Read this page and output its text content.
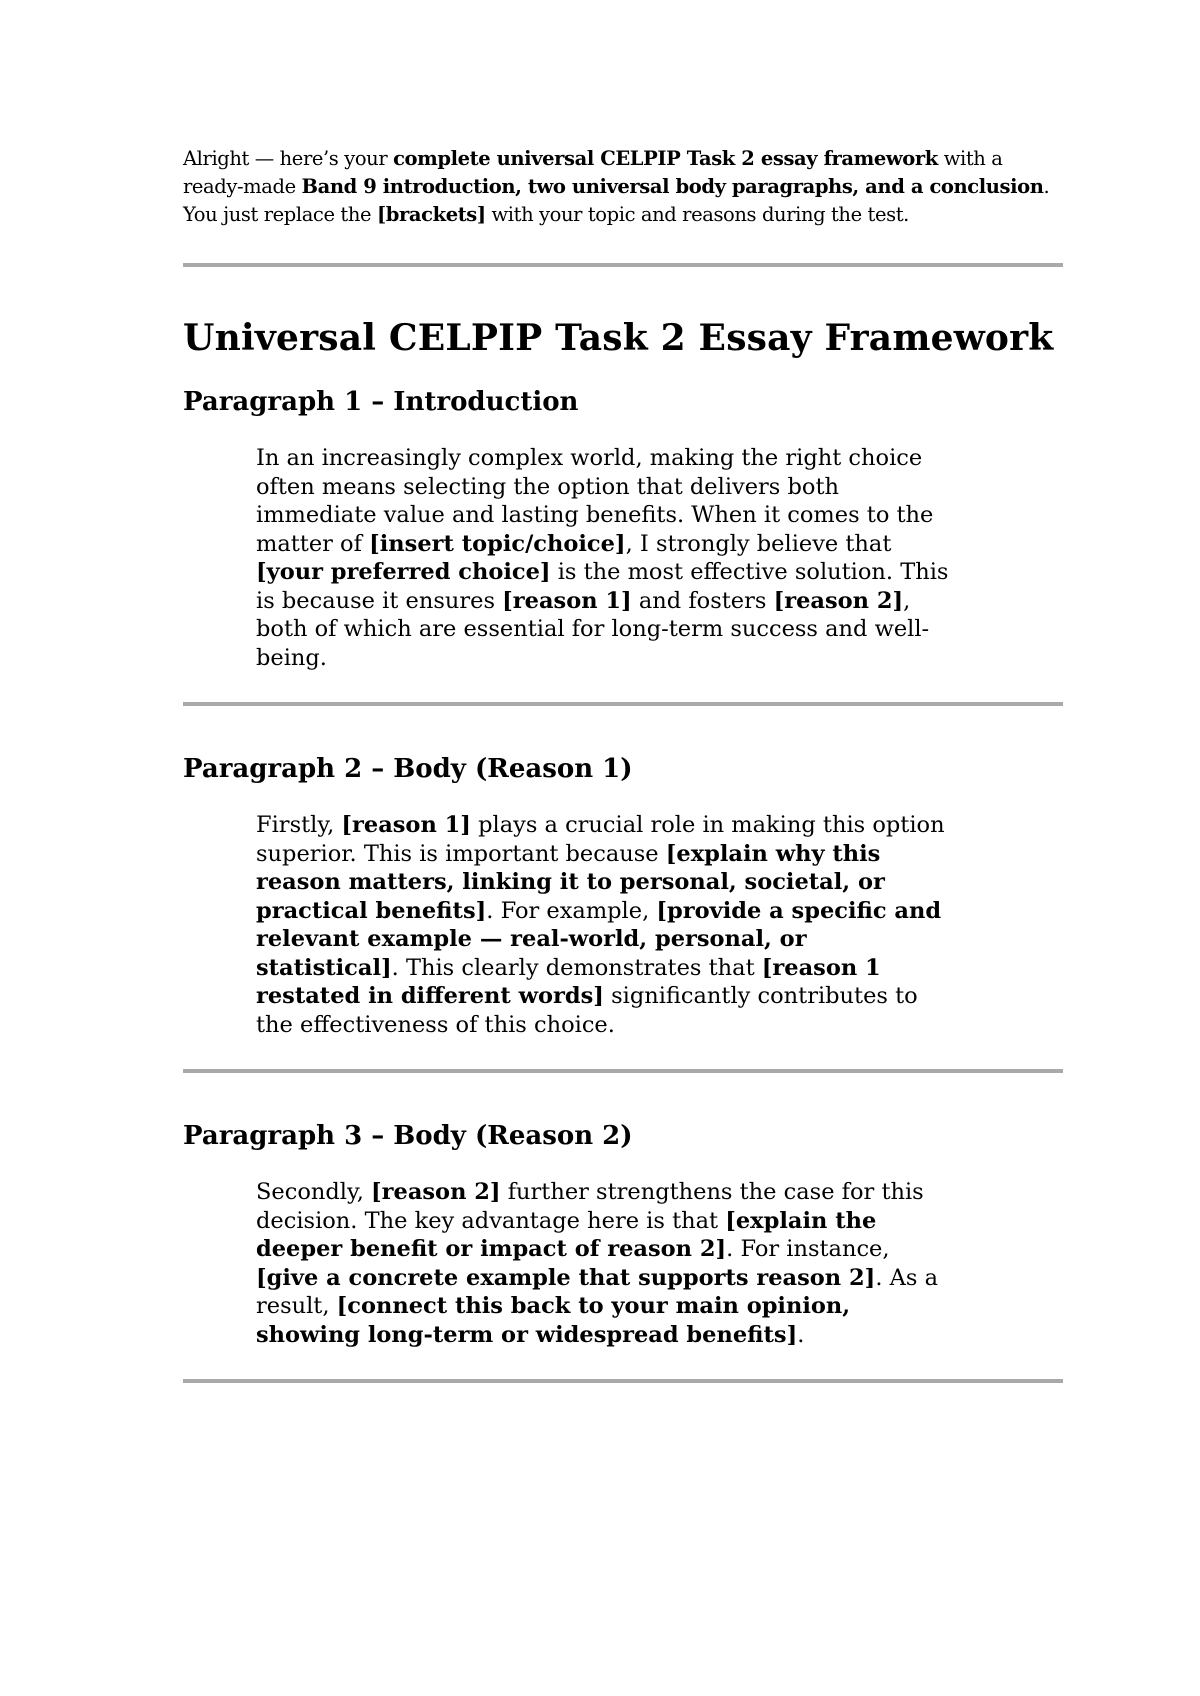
Alright — here’s your complete universal CELPIP Task 2 essay framework with a ready-made Band 9 introduction, two universal body paragraphs, and a conclusion.

You just replace the [brackets] with your topic and reasons during the test.

Universal CELPIP Task 2 Essay Framework
Paragraph 1 – Introduction

In an increasingly complex world, making the right choice often means selecting the option that delivers both immediate value and lasting benefits. When it comes to the matter of [insert topic/choice], I strongly believe that [your preferred choice] is the most effective solution. This is because it ensures [reason 1] and fosters [reason 2], both of which are essential for long-term success and well-being.

Paragraph 2 – Body (Reason 1)

Firstly, [reason 1] plays a crucial role in making this option superior. This is important because [explain why this reason matters, linking it to personal, societal, or practical benefits]. For example, [provide a specific and relevant example — real-world, personal, or statistical]. This clearly demonstrates that [reason 1 restated in different words] significantly contributes to the effectiveness of this choice.

Paragraph 3 – Body (Reason 2)

Secondly, [reason 2] further strengthens the case for this decision. The key advantage here is that [explain the deeper benefit or impact of reason 2]. For instance, [give a concrete example that supports reason 2]. As a result, [connect this back to your main opinion, showing long-term or widespread benefits].
